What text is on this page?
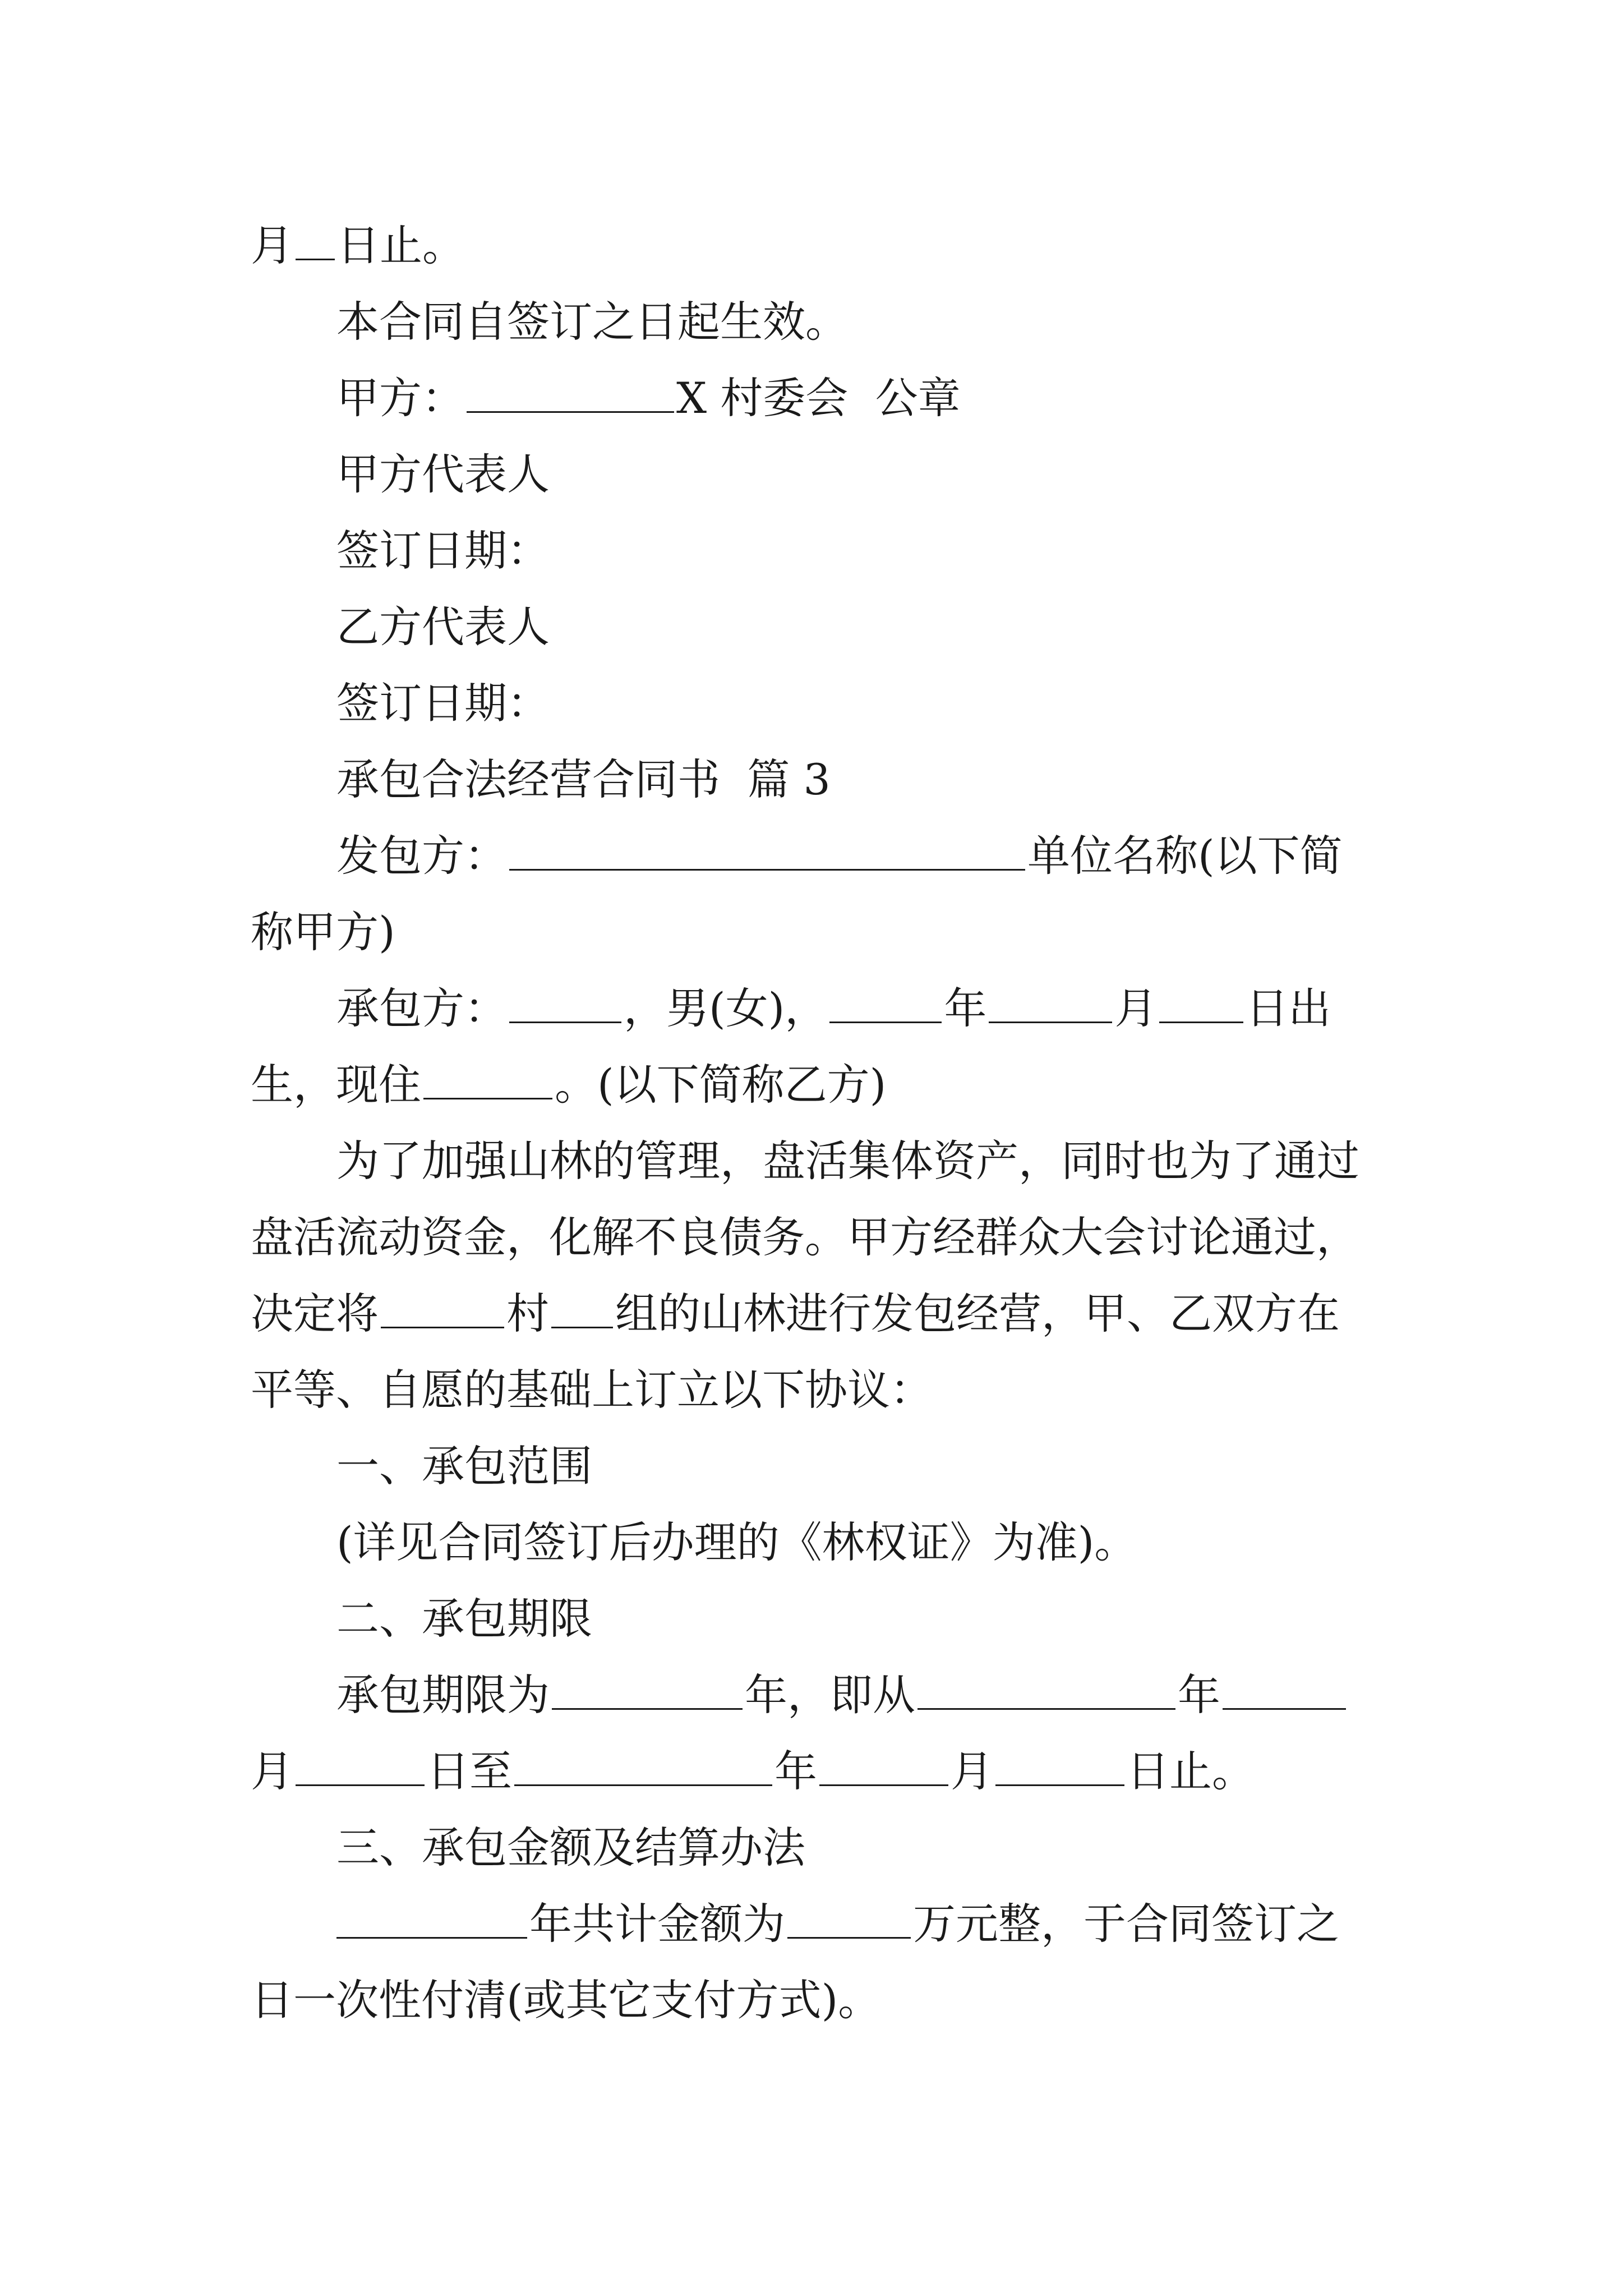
月 日止。
本合同自签订之日起生效。
甲方：	X 村委会  公章
甲方代表人
签订日期：
乙方代表人
签订日期：
承包合法经营合同书  篇 3
发包方：	单位名称(以下简
称甲方)
承包方：	，男(女)，	年	月 日出
生，现住	。(以下简称乙方)
为了加强山林的管理，盘活集体资产，同时也为了通过
盘活流动资金，化解不良债务。甲方经群众大会讨论通过，
决定将	村 组的山林进行发包经营，甲、乙双方在
平等、自愿的基础上订立以下协议：
一、承包范围
(详见合同签订后办理的《林权证》为准)。
二、承包期限
承包期限为	年，即从	年
月	日至	年	月	日止。
三、承包金额及结算办法
年共计金额为	万元整，于合同签订之
日一次性付清(或其它支付方式)。
